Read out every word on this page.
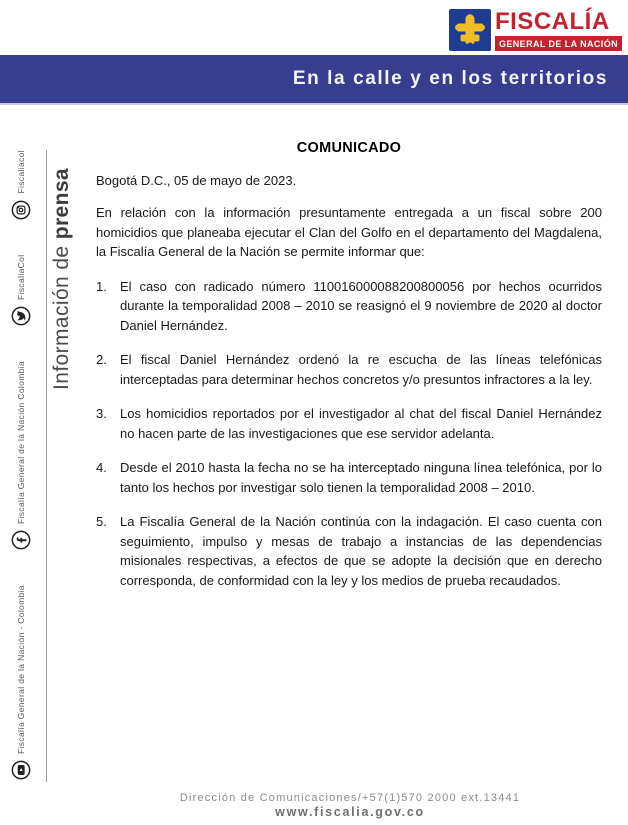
FISCALÍA
GENERAL DE LA NACIÓN
En la calle y en los territorios
Fiscalía General de la Nación - Colombia
Fiscalía General de la Nación Colombia
FiscaliaCol
Fiscaliacol
Información de prensa
COMUNICADO

Bogotá D.C., 05 de mayo de 2023.

En relación con la información presuntamente entregada a un fiscal sobre 200 homicidios que planeaba ejecutar el Clan del Golfo en el departamento del Magdalena, la Fiscalía General de la Nación se permite informar que:

1.	El caso con radicado número 110016000088200800056 por hechos ocurridos durante la temporalidad 2008 – 2010 se reasignó el 9 noviembre de 2020 al doctor Daniel Hernández.
2.	El fiscal Daniel Hernández ordenó la re escucha de las líneas telefónicas interceptadas para determinar hechos concretos y/o presuntos infractores a la ley.
3.	Los homicidios reportados por el investigador al chat del fiscal Daniel Hernández no hacen parte de las investigaciones que ese servidor adelanta.
4.	Desde el 2010 hasta la fecha no se ha interceptado ninguna línea telefónica, por lo tanto los hechos por investigar solo tienen la temporalidad 2008 – 2010.
5.	La Fiscalía General de la Nación continúa con la indagación. El caso cuenta con seguimiento, impulso y mesas de trabajo a instancias de las dependencias misionales respectivas, a efectos de que se adopte la decisión que en derecho corresponda, de conformidad con la ley y los medios de prueba recaudados.
Dirección de Comunicaciones/+57(1)570 2000 ext.13441
www.fiscalia.gov.co
